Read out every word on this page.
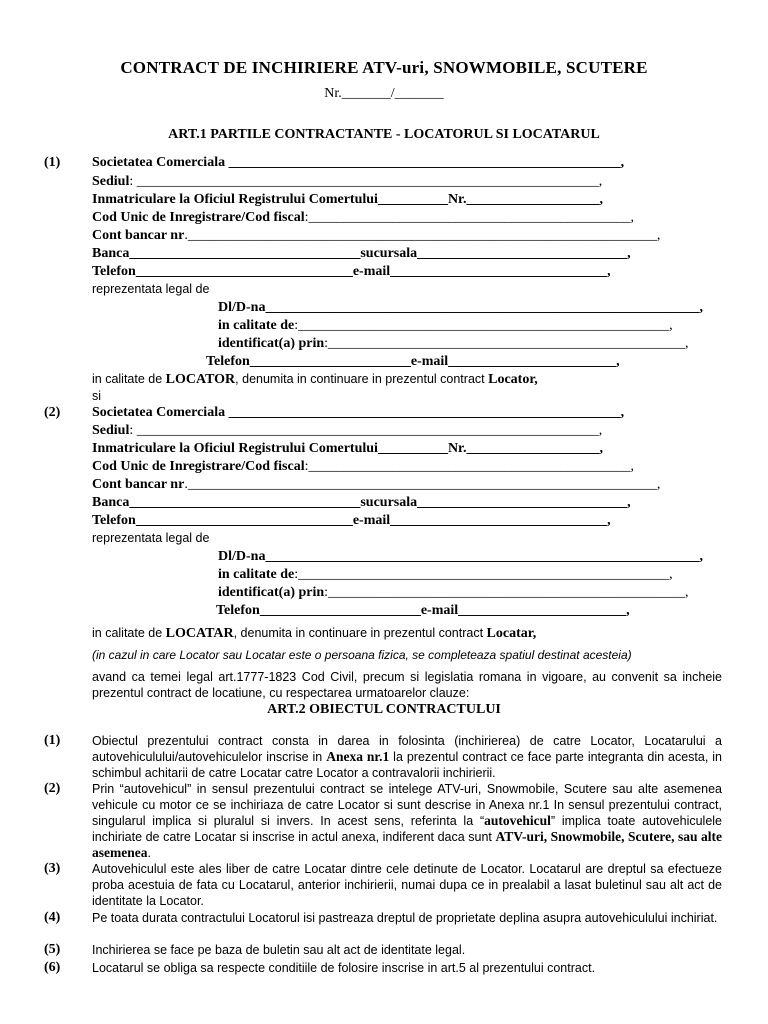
CONTRACT DE INCHIRIERE ATV-uri, SNOWMOBILE, SCUTERE
Nr._______/_______
ART.1 PARTILE CONTRACTANTE - LOCATORUL SI LOCATARUL
(1) Societatea Comerciala ________________________________________________________,
Sediul: __________________________________________________________________,
Inmatriculare la Oficiul Registrului Comertului__________Nr.___________________,
Cod Unic de Inregistrare/Cod fiscal:______________________________________________,
Cont bancar nr.___________________________________________________________________,
Banca_________________________________sucursala______________________________,
Telefon_______________________________e-mail_______________________________,
reprezentata legal de
Dl/D-na______________________________________________________________,
in calitate de:_____________________________________________________,
identificat(a) prin:___________________________________________________,
Telefon_______________________e-mail________________________,
in calitate de LOCATOR, denumita in continuare in prezentul contract Locator,
si
(2) Societatea Comerciala ________________________________________________________,
Sediul: __________________________________________________________________,
Inmatriculare la Oficiul Registrului Comertului__________Nr.___________________,
Cod Unic de Inregistrare/Cod fiscal:______________________________________________,
Cont bancar nr.___________________________________________________________________,
Banca_________________________________sucursala______________________________,
Telefon_______________________________e-mail_______________________________,
reprezentata legal de
Dl/D-na______________________________________________________________,
in calitate de:_____________________________________________________,
identificat(a) prin:___________________________________________________,
Telefon_______________________e-mail________________________,
in calitate de LOCATAR, denumita in continuare in prezentul contract Locatar,
(in cazul in care Locator sau Locatar este o persoana fizica, se completeaza spatiul destinat acesteia)
avand ca temei legal art.1777-1823 Cod Civil, precum si legislatia romana in vigoare, au convenit sa incheie prezentul contract de locatiune, cu respectarea urmatoarelor clauze:
ART.2 OBIECTUL CONTRACTULUI
(1)	Obiectul prezentului contract consta in darea in folosinta (inchirierea) de catre Locator, Locatarului a autovehiculului/autovehiculelor inscrise in Anexa nr.1 la prezentul contract ce face parte integranta din acesta, in schimbul achitarii de catre Locatar catre Locator a contravalorii inchirierii.
(2)	Prin “autovehicul” in sensul prezentului contract se intelege ATV-uri, Snowmobile, Scutere sau alte asemenea vehicule cu motor ce se inchiriaza de catre Locator si sunt descrise in Anexa nr.1 In sensul prezentului contract, singularul implica si pluralul si invers. In acest sens, referinta la “autovehicul” implica toate autovehiculele inchiriate de catre Locatar si inscrise in actul anexa, indiferent daca sunt ATV-uri, Snowmobile, Scutere, sau alte asemenea.
(3)	Autovehiculul este ales liber de catre Locatar dintre cele detinute de Locator. Locatarul are dreptul sa efectueze proba acestuia de fata cu Locatarul, anterior inchirierii, numai dupa ce in prealabil a lasat buletinul sau alt act de identitate la Locator.
(4)	Pe toata durata contractului Locatorul isi pastreaza dreptul de proprietate deplina asupra autovehiculului inchiriat.
(5)	Inchirierea se face pe baza de buletin sau alt act de identitate legal.
(6)	Locatarul se obliga sa respecte conditiile de folosire inscrise in art.5 al prezentului contract.
